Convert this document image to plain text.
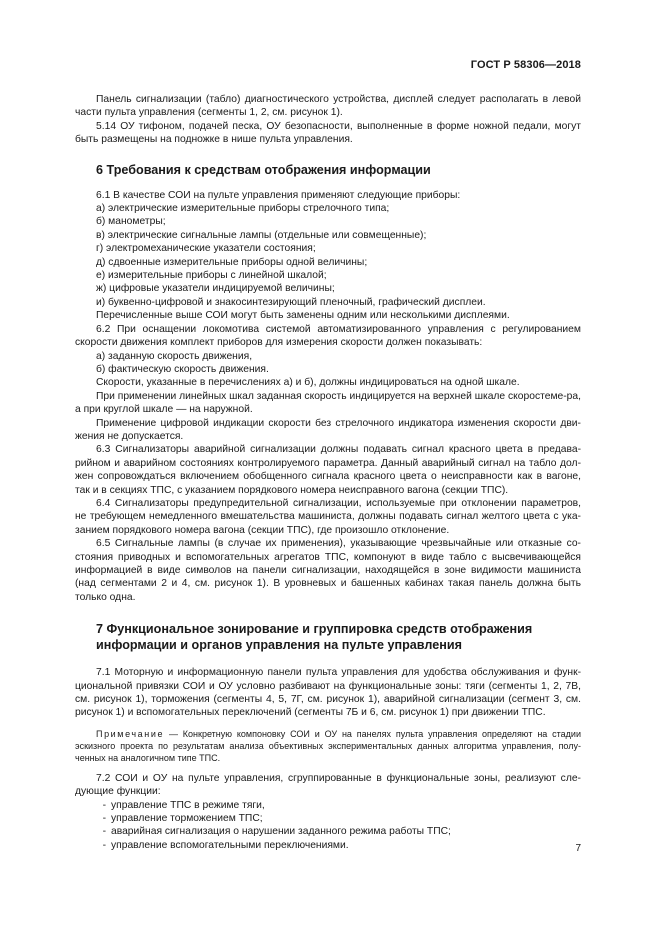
ГОСТ Р 58306—2018

Панель сигнализации (табло) диагностического устройства, дисплей следует располагать в левой части пульта управления (сегменты 1, 2, см. рисунок 1).

5.14 ОУ тифоном, подачей песка, ОУ безопасности, выполненные в форме ножной педали, могут быть размещены на подножке в нише пульта управления.

6 Требования к средствам отображения информации

6.1 В качестве СОИ на пульте управления применяют следующие приборы:

а) электрические измерительные приборы стрелочного типа;

б) манометры;

в) электрические сигнальные лампы (отдельные или совмещенные);

г) электромеханические указатели состояния;

д) сдвоенные измерительные приборы одной величины;

е) измерительные приборы с линейной шкалой;

ж) цифровые указатели индицируемой величины;

и) буквенно-цифровой и знакосинтезирующий пленочный, графический дисплеи.

Перечисленные выше СОИ могут быть заменены одним или несколькими дисплеями.

6.2 При оснащении локомотива системой автоматизированного управления с регулированием скорости движения комплект приборов для измерения скорости должен показывать:

а) заданную скорость движения,

б) фактическую скорость движения.

Скорости, указанные в перечислениях а) и б), должны индицироваться на одной шкале.

При применении линейных шкал заданная скорость индицируется на верхней шкале скоростеме-ра, а при круглой шкале — на наружной.

Применение цифровой индикации скорости без стрелочного индикатора изменения скорости дви-жения не допускается.

6.3 Сигнализаторы аварийной сигнализации должны подавать сигнал красного цвета в предава-рийном и аварийном состояниях контролируемого параметра. Данный аварийный сигнал на табло дол-жен сопровождаться включением обобщенного сигнала красного цвета о неисправности как в вагоне, так и в секциях ТПС, с указанием порядкового номера неисправного вагона (секции ТПС).

6.4 Сигнализаторы предупредительной сигнализации, используемые при отклонении параметров, не требующем немедленного вмешательства машиниста, должны подавать сигнал желтого цвета с ука-занием порядкового номера вагона (секции ТПС), где произошло отклонение.

6.5 Сигнальные лампы (в случае их применения), указывающие чрезвычайные или отказные со-стояния приводных и вспомогательных агрегатов ТПС, компонуют в виде табло с высвечивающейся информацией в виде символов на панели сигнализации, находящейся в зоне видимости машиниста (над сегментами 2 и 4, см. рисунок 1). В уровневых и башенных кабинах такая панель должна быть только одна.

7 Функциональное зонирование и группировка средств отображения
информации и органов управления на пульте управления

7.1 Моторную и информационную панели пульта управления для удобства обслуживания и функ-циональной привязки СОИ и ОУ условно разбивают на функциональные зоны: тяги (сегменты 1, 2, 7В, см. рисунок 1), торможения (сегменты 4, 5, 7Г, см. рисунок 1), аварийной сигнализации (сегмент 3, см. рисунок 1) и вспомогательных переключений (сегменты 7Б и 6, см. рисунок 1) при движении ТПС.

Примечание — Конкретную компоновку СОИ и ОУ на панелях пульта управления определяют на стадии эскизного проекта по результатам анализа объективных экспериментальных данных алгоритма управления, полу-ченных на аналогичном типе ТПС.

7.2 СОИ и ОУ на пульте управления, сгруппированные в функциональные зоны, реализуют сле-дующие функции:

- управление ТПС в режиме тяги,
- управление торможением ТПС;
- аварийная сигнализация о нарушении заданного режима работы ТПС;
- управление вспомогательными переключениями.	7
